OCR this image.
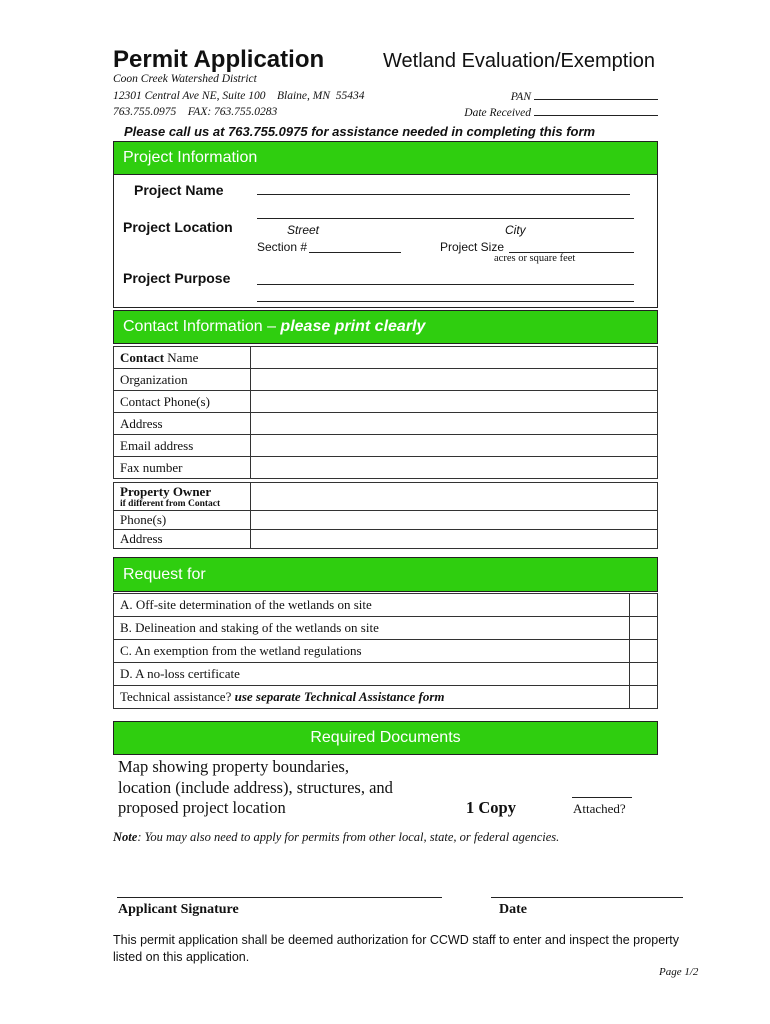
Permit Application	Wetland Evaluation/Exemption
Coon Creek Watershed District
12301 Central Ave NE, Suite 100    Blaine, MN  55434
763.755.0975    FAX: 763.755.0283
PAN
Date Received
Please call us at 763.755.0975 for assistance needed in completing this form
Project Information
Project Name
Project Location	Street	City
Section #	Project Size
acres or square feet
Project Purpose
Contact Information – please print clearly
Contact Name	
Organization	
Contact Phone(s)	
Address	
Email address	
Fax number	
Property Owner
if different from Contact	

Phone(s)	
Address	
Request for
A. Off-site determination of the wetlands on site	
B. Delineation and staking of the wetlands on site	
C. An exemption from the wetland regulations	
D. A no-loss certificate	
Technical assistance? use separate Technical Assistance form	
Required Documents
Map showing property boundaries,
location (include address), structures, and
proposed project location	1 Copy	Attached?
Note: You may also need to apply for permits from other local, state, or federal agencies.
Applicant Signature	Date
This permit application shall be deemed authorization for CCWD staff to enter and inspect the property listed on this application.
Page 1/2
